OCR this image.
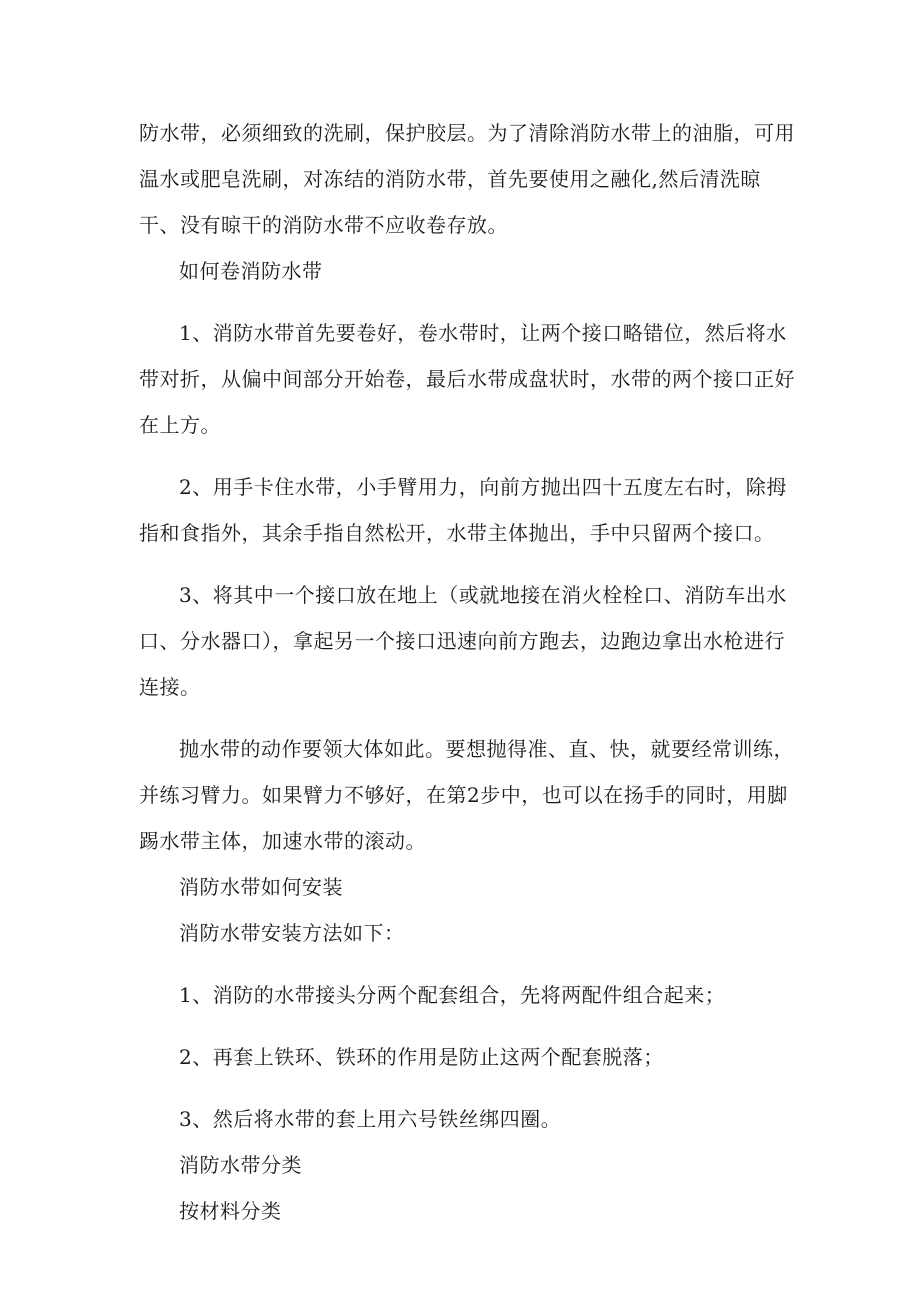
防水带，必须细致的洗刷，保护胶层。为了清除消防水带上的油脂，可用温水或肥皂洗刷，对冻结的消防水带，首先要使用之融化,然后清洗晾干、没有晾干的消防水带不应收卷存放。

如何卷消防水带

1、消防水带首先要卷好，卷水带时，让两个接口略错位，然后将水带对折，从偏中间部分开始卷，最后水带成盘状时，水带的两个接口正好在上方。

2、用手卡住水带，小手臂用力，向前方抛出四十五度左右时，除拇指和食指外，其余手指自然松开，水带主体抛出，手中只留两个接口。

3、将其中一个接口放在地上（或就地接在消火栓栓口、消防车出水口、分水器口），拿起另一个接口迅速向前方跑去，边跑边拿出水枪进行连接。

抛水带的动作要领大体如此。要想抛得准、直、快，就要经常训练，并练习臂力。如果臂力不够好，在第2步中，也可以在扬手的同时，用脚踢水带主体，加速水带的滚动。

消防水带如何安装

消防水带安装方法如下：

1、消防的水带接头分两个配套组合，先将两配件组合起来；

2、再套上铁环、铁环的作用是防止这两个配套脱落；

3、然后将水带的套上用六号铁丝绑四圈。

消防水带分类

按材料分类
